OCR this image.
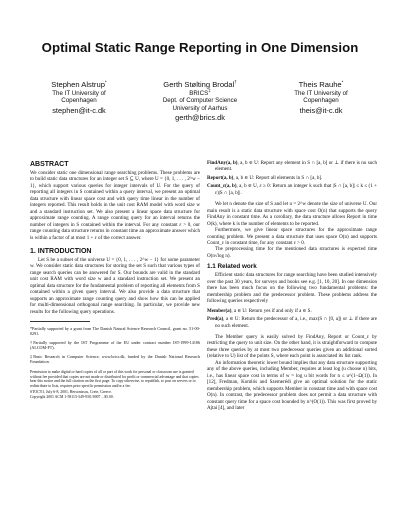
Optimal Static Range Reporting in One Dimension
Stephen Alstrup*
The IT University of
Copenhagen
stephen@it-c.dk
Gerth Stølting Brodal†
BRICS‡
Dept. of Computer Science
University of Aarhus
gerth@brics.dk
Theis Rauhe*
The IT University of
Copenhagen
theis@it-c.dk
ABSTRACT

We consider static one dimensional range searching problems. These problems are to build static data structures for an integer set S ⊆ U, where U = {0, 1, . . . , 2^w − 1}, which support various queries for integer intervals of U. For the query of reporting all integers in S contained within a query interval, we present an optimal data structure with linear space cost and with query time linear in the number of integers reported. This result holds in the unit cost RAM model with word size w and a standard instruction set. We also present a linear space data structure for approximate range counting. A range counting query for an interval returns the number of integers in S contained within the interval. For any constant ε > 0, our range counting data structure returns in constant time an approximate answer which is within a factor of at most 1 + ε of the correct answer.

1. INTRODUCTION

Let S be a subset of the universe U = {0, 1, . . . , 2^w − 1} for some parameter w. We consider static data structures for storing the set S such that various types of range search queries can be answered for S. Our bounds are valid in the standard unit cost RAM with word size w and a standard instruction set. We present an optimal data structure for the fundamental problem of reporting all elements from S contained within a given query interval. We also provide a data structure that supports an approximate range counting query and show how this can be applied for multi-dimensional orthogonal range searching. In particular, we provide new results for the following query operations.

*Partially supported by a grant from The Danish Natural Science Research Council, grant no. 51-00-0291.
†Partially supported by the IST Programme of the EU under contract number IST-1999-14186 (ALCOM-FT).
‡Basic Research in Computer Science, www.brics.dk, funded by the Danish National Research Foundation.
Permission to make digital or hard copies of all or part of this work for personal or classroom use is granted without fee provided that copies are not made or distributed for profit or commercial advantage and that copies bear this notice and the full citation on the first page. To copy otherwise, to republish, to post on servers or to redistribute to lists, requires prior specific permission and/or a fee.
STOC'01, July 6-8, 2001, Hersonissos, Crete, Greece.
Copyright 2001 ACM 1-58113-349-9/01/0007 ...$5.00.
FindAny(a, b), a, b ∈ U: Report any element in S ∩ [a, b] or ⊥ if there is no such element.
Report(a, b), a, b ∈ U: Report all elements in S ∩ [a, b].
Count_ε(a, b), a, b ∈ U, ε ≥ 0: Return an integer k such that |S ∩ [a, b]| ≤ k ≤ (1 + ε)|S ∩ [a, b]|.

We let n denote the size of S and let u = 2^w denote the size of universe U. Our main result is a static data structure with space cost O(n) that supports the query FindAny in constant time. As a corollary, the data structure allows Report in time O(k), where k is the number of elements to be reported.

Furthermore, we give linear space structures for the approximate range counting problem. We present a data structure that uses space O(n) and supports Count_ε in constant time, for any constant ε > 0.

The preprocessing time for the mentioned data structures is expected time O(n√log n).

1.1 Related work

Efficient static data structures for range searching have been studied intensively over the past 30 years, for surveys and books see e.g. [1, 10, 20]. In one dimension there has been much focus on the following two fundamental problems: the membership problem and the predecessor problem. These problems address the following queries respectively

Member(a), a ∈ U: Return yes if and only if a ∈ S.
Pred(a), a ∈ U: Return the predecessor of a, i.e., max(S ∩ [0, a]) or ⊥ if there are no such element.

The Member query is easily solved by FindAny, Report or Count_ε by restricting the query to unit size. On the other hand, it is straightforward to compute these three queries by at most two predecessor queries given an additional sorted (relative to U) list of the points S, where each point is associated its list rank.

An information theoretic lower bound implies that any data structure supporting any of the above queries, including Member, requires at least log (u choose n) bits, i.e., has linear space cost in terms of w = log u bit words for n ≤ u^(1−Ω(1)). In [12], Fredman, Komlós and Szemerédi give an optimal solution for the static membership problem, which supports Member in constant time and with space cost O(n). In contrast, the predecessor problem does not permit a data structure with constant query time for a space cost bounded by n^(O(1)). This was first proved by Ajtai [4], and later
